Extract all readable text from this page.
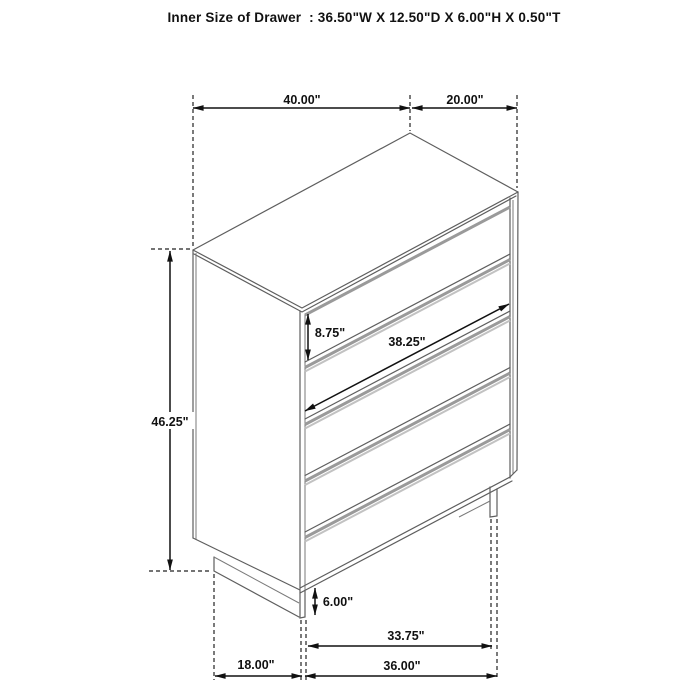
Inner Size of Drawer  : 36.50"W X 12.50"D X 6.00"H X 0.50"T
40.00"	20.00"
46.25"
8.75"
38.25"
6.00"
33.75"
36.00"
18.00"
